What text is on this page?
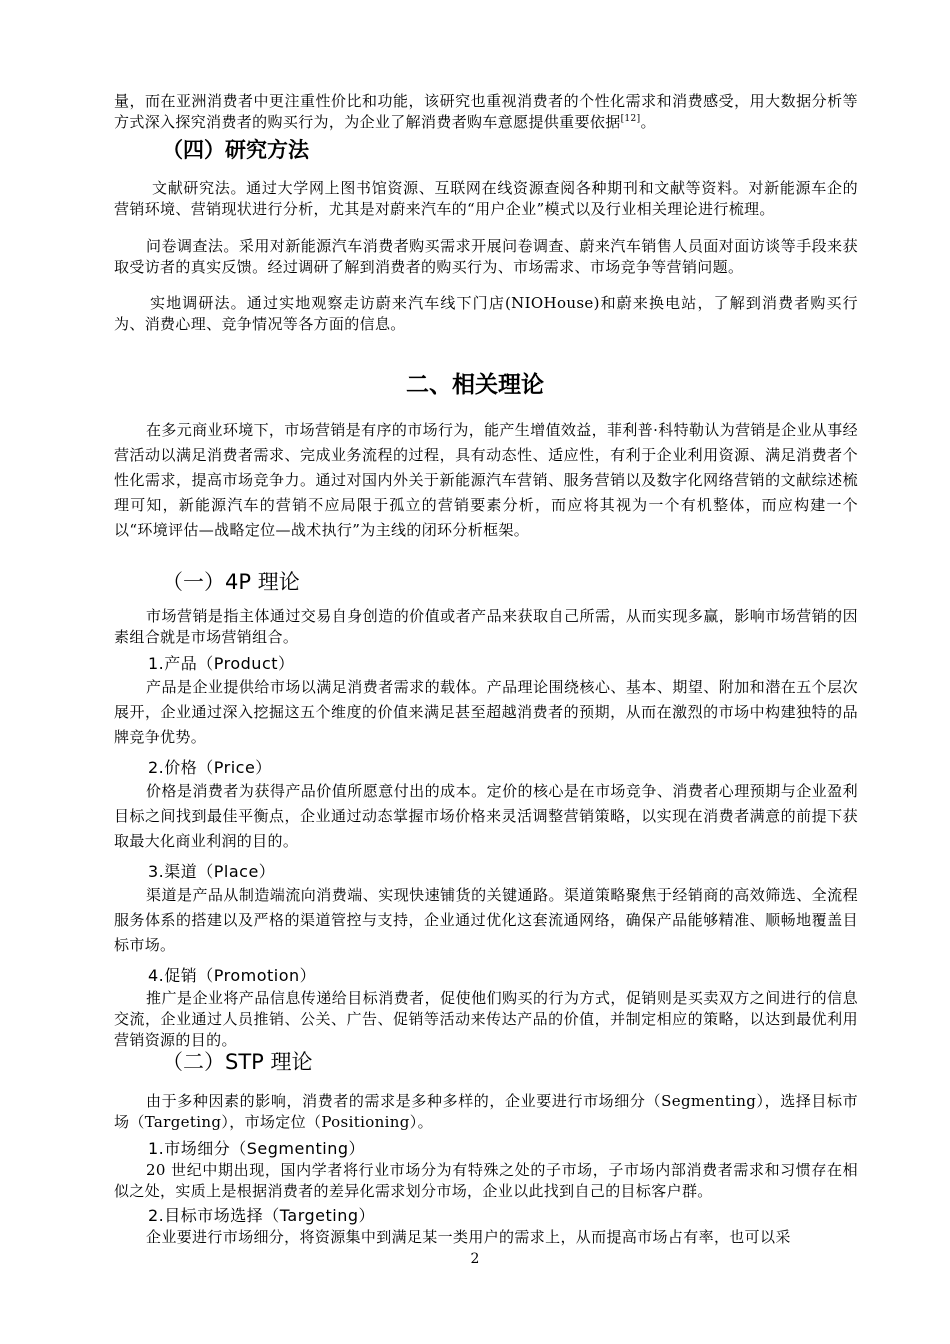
量，而在亚洲消费者中更注重性价比和功能，该研究也重视消费者的个性化需求和消费感受，用大数据分析等方式深入探究消费者的购买行为，为企业了解消费者购车意愿提供重要依据[12]。

（四）研究方法

文献研究法。通过大学网上图书馆资源、互联网在线资源查阅各种期刊和文献等资料。对新能源车企的营销环境、营销现状进行分析，尤其是对蔚来汽车的“用户企业”模式以及行业相关理论进行梳理。

问卷调查法。采用对新能源汽车消费者购买需求开展问卷调查、蔚来汽车销售人员面对面访谈等手段来获取受访者的真实反馈。经过调研了解到消费者的购买行为、市场需求、市场竞争等营销问题。

实地调研法。通过实地观察走访蔚来汽车线下门店(NIOHouse)和蔚来换电站，了解到消费者购买行为、消费心理、竞争情况等各方面的信息。

二、相关理论

在多元商业环境下，市场营销是有序的市场行为，能产生增值效益，菲利普·科特勒认为营销是企业从事经营活动以满足消费者需求、完成业务流程的过程，具有动态性、适应性，有利于企业利用资源、满足消费者个性化需求，提高市场竞争力。通过对国内外关于新能源汽车营销、服务营销以及数字化网络营销的文献综述梳理可知，新能源汽车的营销不应局限于孤立的营销要素分析，而应将其视为一个有机整体，而应构建一个以“环境评估—战略定位—战术执行”为主线的闭环分析框架。

（一）4P 理论

市场营销是指主体通过交易自身创造的价值或者产品来获取自己所需，从而实现多赢，影响市场营销的因素组合就是市场营销组合。

1.产品（Product）

产品是企业提供给市场以满足消费者需求的载体。产品理论围绕核心、基本、期望、附加和潜在五个层次展开，企业通过深入挖掘这五个维度的价值来满足甚至超越消费者的预期，从而在激烈的市场中构建独特的品牌竞争优势。

2.价格（Price）

价格是消费者为获得产品价值所愿意付出的成本。定价的核心是在市场竞争、消费者心理预期与企业盈利目标之间找到最佳平衡点，企业通过动态掌握市场价格来灵活调整营销策略，以实现在消费者满意的前提下获取最大化商业利润的目的。

3.渠道（Place）

渠道是产品从制造端流向消费端、实现快速铺货的关键通路。渠道策略聚焦于经销商的高效筛选、全流程服务体系的搭建以及严格的渠道管控与支持，企业通过优化这套流通网络，确保产品能够精准、顺畅地覆盖目标市场。

4.促销（Promotion）

推广是企业将产品信息传递给目标消费者，促使他们购买的行为方式，促销则是买卖双方之间进行的信息交流，企业通过人员推销、公关、广告、促销等活动来传达产品的价值，并制定相应的策略，以达到最优利用营销资源的目的。

（二）STP 理论

由于多种因素的影响，消费者的需求是多种多样的，企业要进行市场细分（Segmenting），选择目标市场（Targeting），市场定位（Positioning）。

1.市场细分（Segmenting）

20 世纪中期出现，国内学者将行业市场分为有特殊之处的子市场，子市场内部消费者需求和习惯存在相似之处，实质上是根据消费者的差异化需求划分市场，企业以此找到自己的目标客户群。

2.目标市场选择（Targeting）

企业要进行市场细分，将资源集中到满足某一类用户的需求上，从而提高市场占有率，也可以采

2
